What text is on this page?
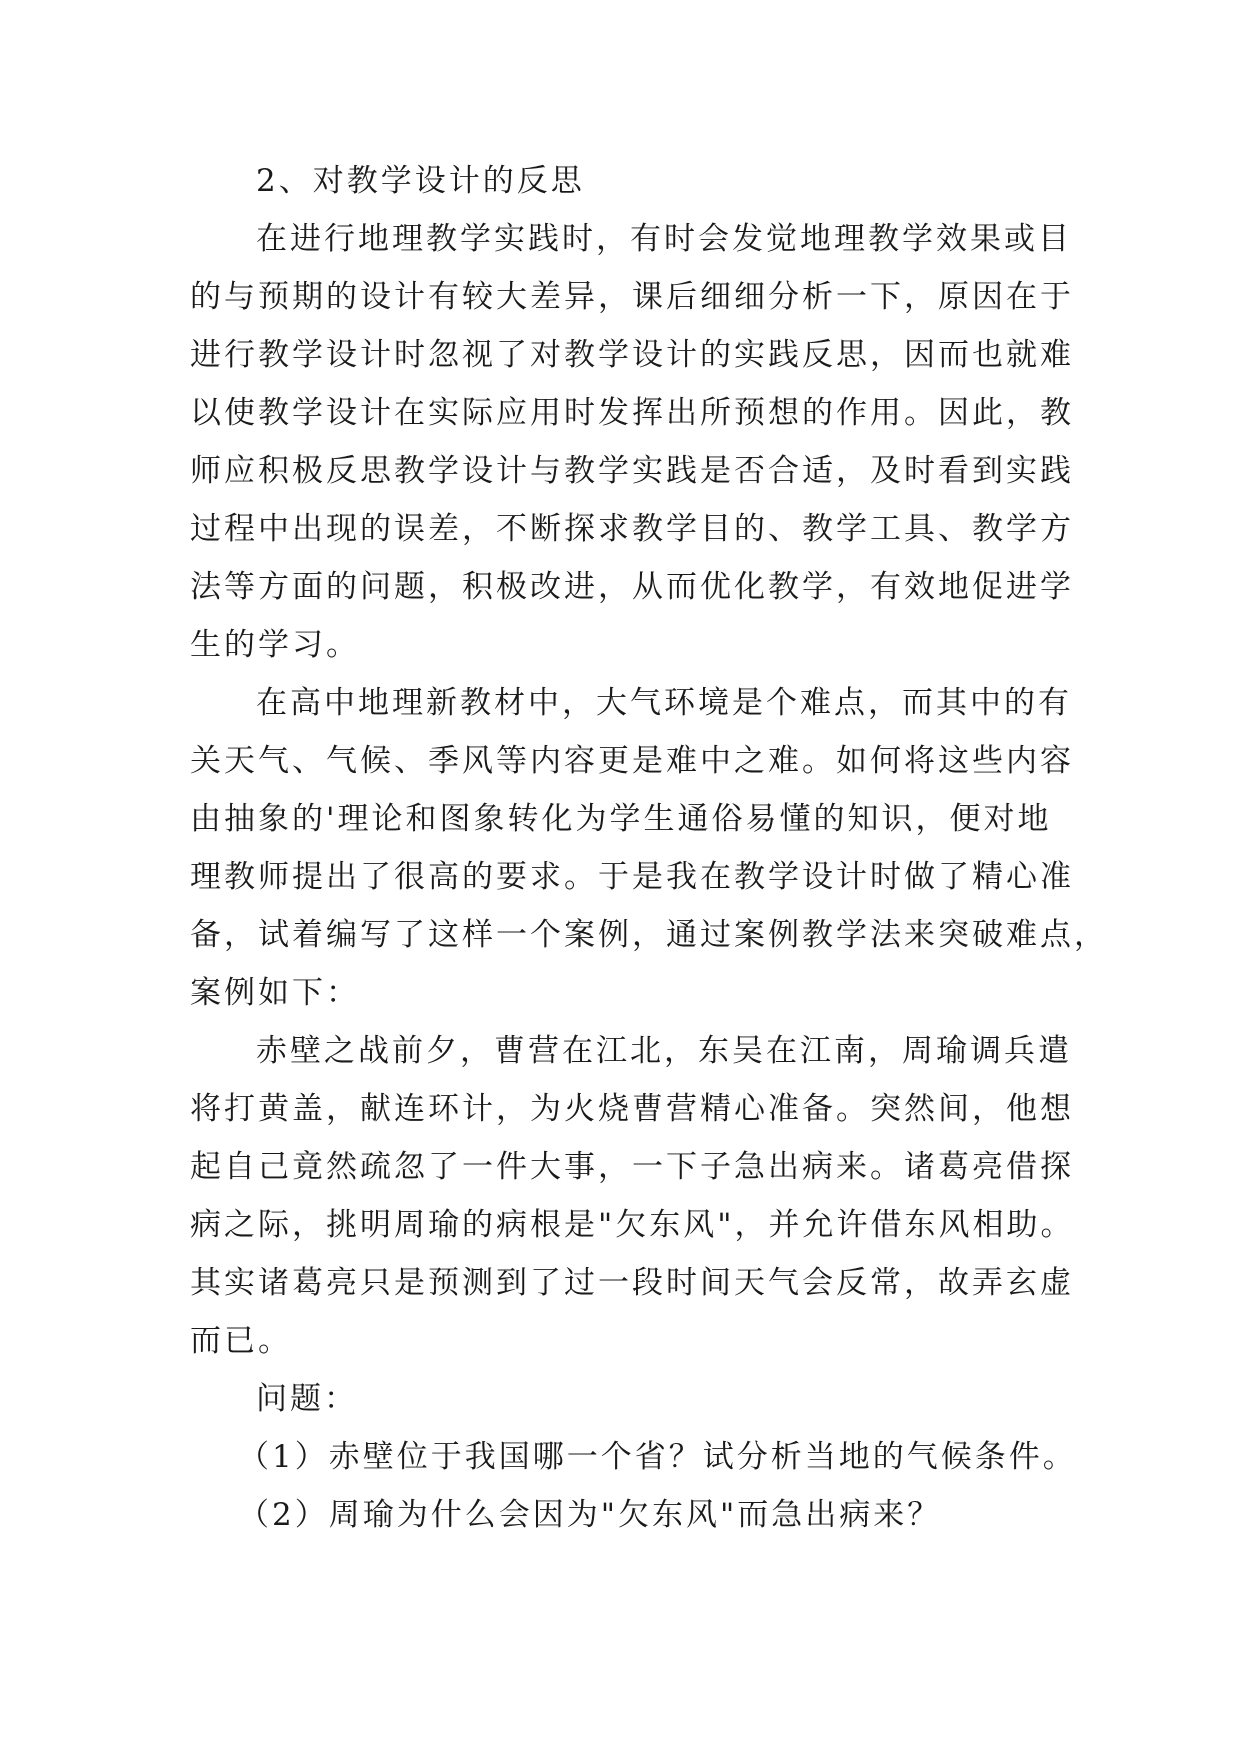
2、对教学设计的反思

在进行地理教学实践时，有时会发觉地理教学效果或目

的与预期的设计有较大差异，课后细细分析一下，原因在于

进行教学设计时忽视了对教学设计的实践反思，因而也就难

以使教学设计在实际应用时发挥出所预想的作用。因此，教

师应积极反思教学设计与教学实践是否合适，及时看到实践

过程中出现的误差，不断探求教学目的、教学工具、教学方

法等方面的问题，积极改进，从而优化教学，有效地促进学

生的学习。

在高中地理新教材中，大气环境是个难点，而其中的有

关天气、气候、季风等内容更是难中之难。如何将这些内容

由抽象的'理论和图象转化为学生通俗易懂的知识，便对地

理教师提出了很高的要求。于是我在教学设计时做了精心准

备，试着编写了这样一个案例，通过案例教学法来突破难点，

案例如下：

赤壁之战前夕，曹营在江北，东吴在江南，周瑜调兵遣

将打黄盖，献连环计，为火烧曹营精心准备。突然间，他想

起自己竟然疏忽了一件大事，一下子急出病来。诸葛亮借探

病之际，挑明周瑜的病根是"欠东风"，并允许借东风相助。

其实诸葛亮只是预测到了过一段时间天气会反常，故弄玄虚

而已。

问题：

（1）赤壁位于我国哪一个省？试分析当地的气候条件。

（2）周瑜为什么会因为"欠东风"而急出病来？
